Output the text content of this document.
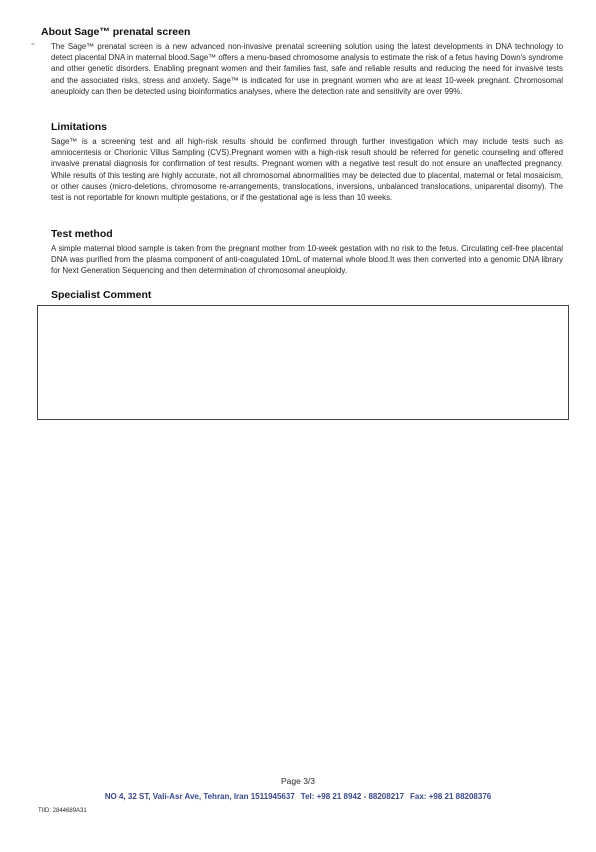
About Sage™ prenatal screen

The Sage™ prenatal screen is a new advanced non-invasive prenatal screening solution using the latest developments in DNA technology to detect placental DNA in maternal blood.Sage™ offers a menu-based chromosome analysis to estimate the risk of a fetus having Down's syndrome and other genetic disorders. Enabling pregnant women and their families fast, safe and reliable results and reducing the need for invasive tests and the associated risks, stress and anxiety. Sage™ is indicated for use in pregnant women who are at least 10-week pregnant. Chromosomal aneuploidy can then be detected using bioinformatics analyses, where the detection rate and sensitivity are over 99%.

Limitations

Sage™ is a screening test and all high-risk results should be confirmed through further investigation which may include tests such as amniocentesis or Chorionic Villus Sampling (CVS).Pregnant women with a high-risk result should be referred for genetic counseling and offered invasive prenatal diagnosis for confirmation of test results. Pregnant women with a negative test result do not ensure an unaffected pregnancy. While results of this testing are highly accurate, not all chromosomal abnormalities may be detected due to placental, maternal or fetal mosaicism, or other causes (micro-deletions, chromosome re-arrangements, translocations, inversions, unbalanced translocations, uniparental disomy). The test is not reportable for known multiple gestations, or if the gestational age is less than 10 weeks.

Test method

A simple maternal blood sample is taken from the pregnant mother from 10-week gestation with no risk to the fetus. Circulating cell-free placental DNA was purified from the plasma component of anti-coagulated 10mL of maternal whole blood.It was then converted into a genomic DNA library for Next Generation Sequencing and then determination of chromosomal aneuploidy.

Specialist Comment
Page 3/3
NO 4, 32 ST, Vali-Asr Ave, Tehran, Iran 1511945637 Tel: +98 21 8942 - 88208217 Fax: +98 21 88208376
TIID: 2844689A31
